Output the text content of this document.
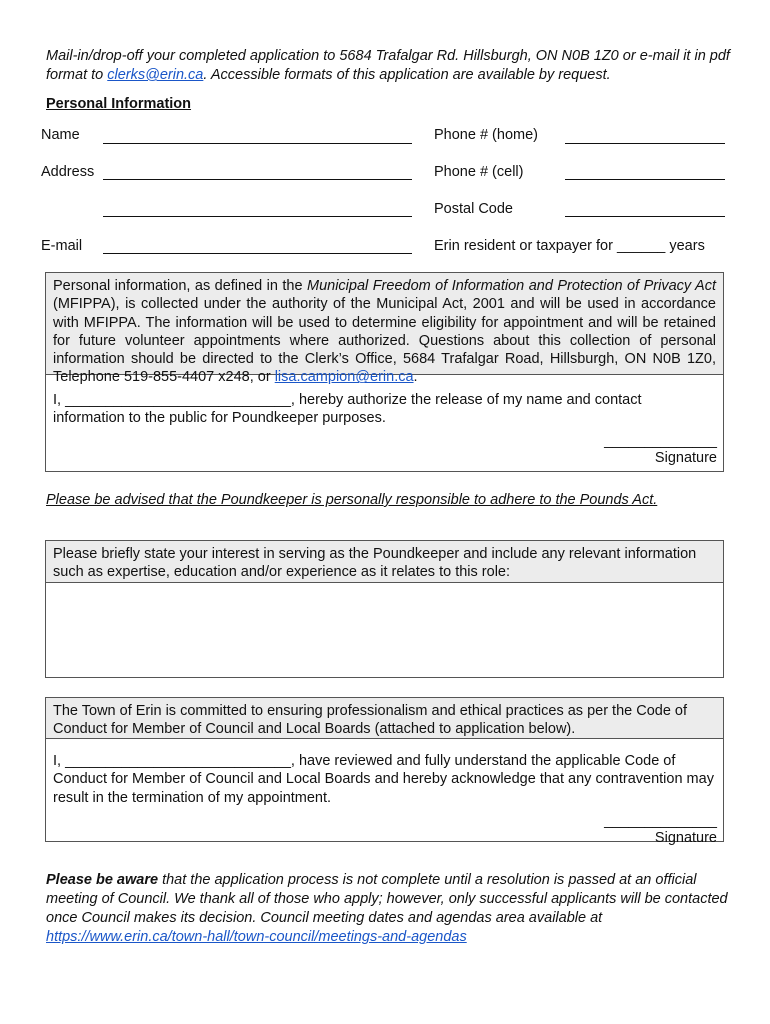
Mail-in/drop-off your completed application to 5684 Trafalgar Rd. Hillsburgh, ON N0B 1Z0 or e-mail it in pdf format to clerks@erin.ca. Accessible formats of this application are available by request.
Personal Information
Name
Address
E-mail
Phone # (home)
Phone # (cell)
Postal Code
Erin resident or taxpayer for ______ years
Personal information, as defined in the Municipal Freedom of Information and Protection of Privacy Act (MFIPPA), is collected under the authority of the Municipal Act, 2001 and will be used in accordance with MFIPPA. The information will be used to determine eligibility for appointment and will be retained for future volunteer appointments where authorized. Questions about this collection of personal information should be directed to the Clerk’s Office, 5684 Trafalgar Road, Hillsburgh, ON N0B 1Z0, Telephone 519-855-4407 x248, or lisa.campion@erin.ca.
I, ____________________________, hereby authorize the release of my name and contact information to the public for Poundkeeper purposes.
______________
Signature
Please be advised that the Poundkeeper is personally responsible to adhere to the Pounds Act.
Please briefly state your interest in serving as the Poundkeeper and include any relevant information such as expertise, education and/or experience as it relates to this role:
The Town of Erin is committed to ensuring professionalism and ethical practices as per the Code of Conduct for Member of Council and Local Boards (attached to application below).
I, ____________________________, have reviewed and fully understand the applicable Code of Conduct for Member of Council and Local Boards and hereby acknowledge that any contravention may result in the termination of my appointment.
______________
Signature
Please be aware that the application process is not complete until a resolution is passed at an official meeting of Council. We thank all of those who apply; however, only successful applicants will be contacted once Council makes its decision. Council meeting dates and agendas area available at
https://www.erin.ca/town-hall/town-council/meetings-and-agendas
